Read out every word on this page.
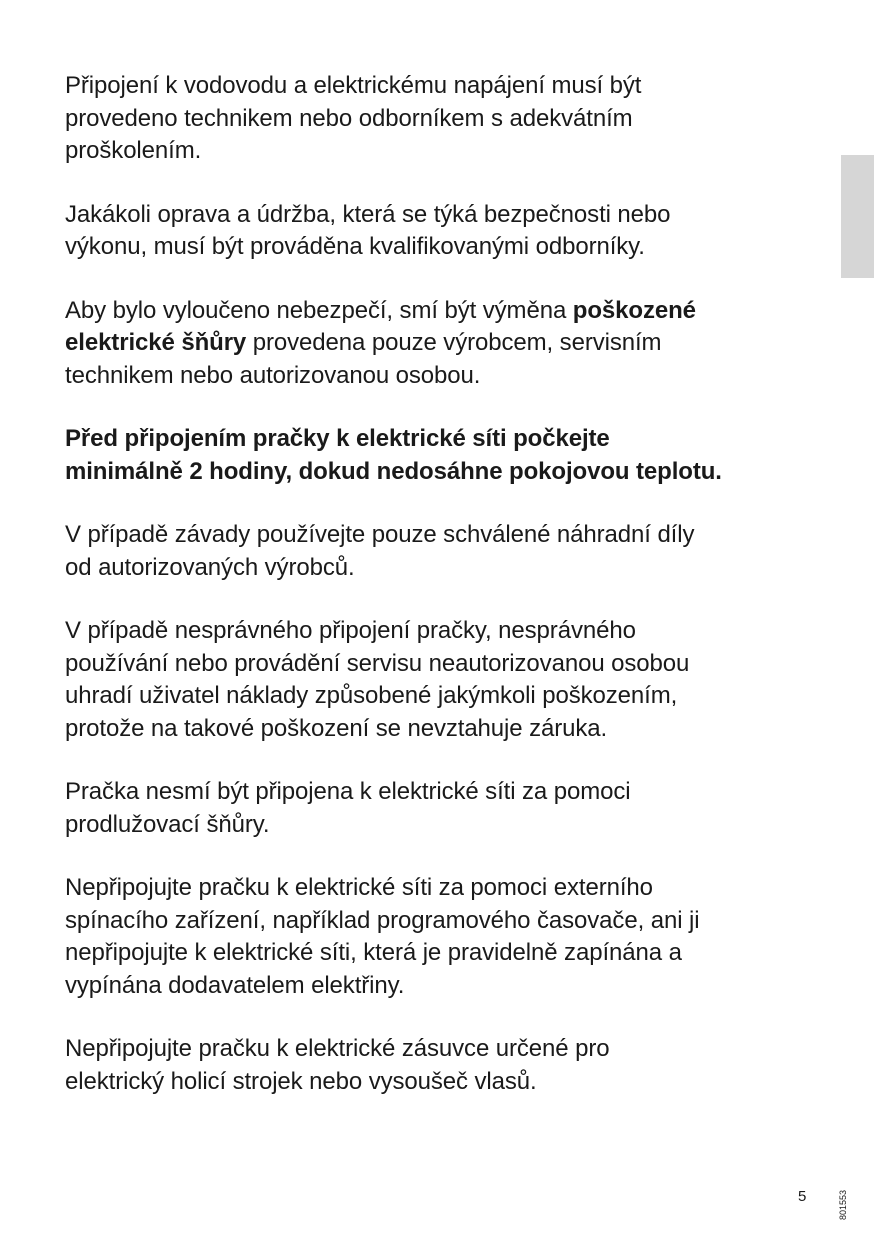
Připojení k vodovodu a elektrickému napájení musí být
provedeno technikem nebo odborníkem s adekvátním
proškolením.

Jakákoli oprava a údržba, která se týká bezpečnosti nebo
výkonu, musí být prováděna kvalifikovanými odborníky.

Aby bylo vyloučeno nebezpečí, smí být výměna poškozené
elektrické šňůry provedena pouze výrobcem, servisním
technikem nebo autorizovanou osobou.

Před připojením pračky k elektrické síti počkejte
minimálně 2 hodiny, dokud nedosáhne pokojovou teplotu.

V případě závady používejte pouze schválené náhradní díly
od autorizovaných výrobců.

V případě nesprávného připojení pračky, nesprávného
používání nebo provádění servisu neautorizovanou osobou
uhradí uživatel náklady způsobené jakýmkoli poškozením,
protože na takové poškození se nevztahuje záruka.

Pračka nesmí být připojena k elektrické síti za pomoci
prodlužovací šňůry.

Nepřipojujte pračku k elektrické síti za pomoci externího
spínacího zařízení, například programového časovače, ani ji
nepřipojujte k elektrické síti, která je pravidelně zapínána a
vypínána dodavatelem elektřiny.

Nepřipojujte pračku k elektrické zásuvce určené pro
elektrický holicí strojek nebo vysoušeč vlasů.

5	801553
